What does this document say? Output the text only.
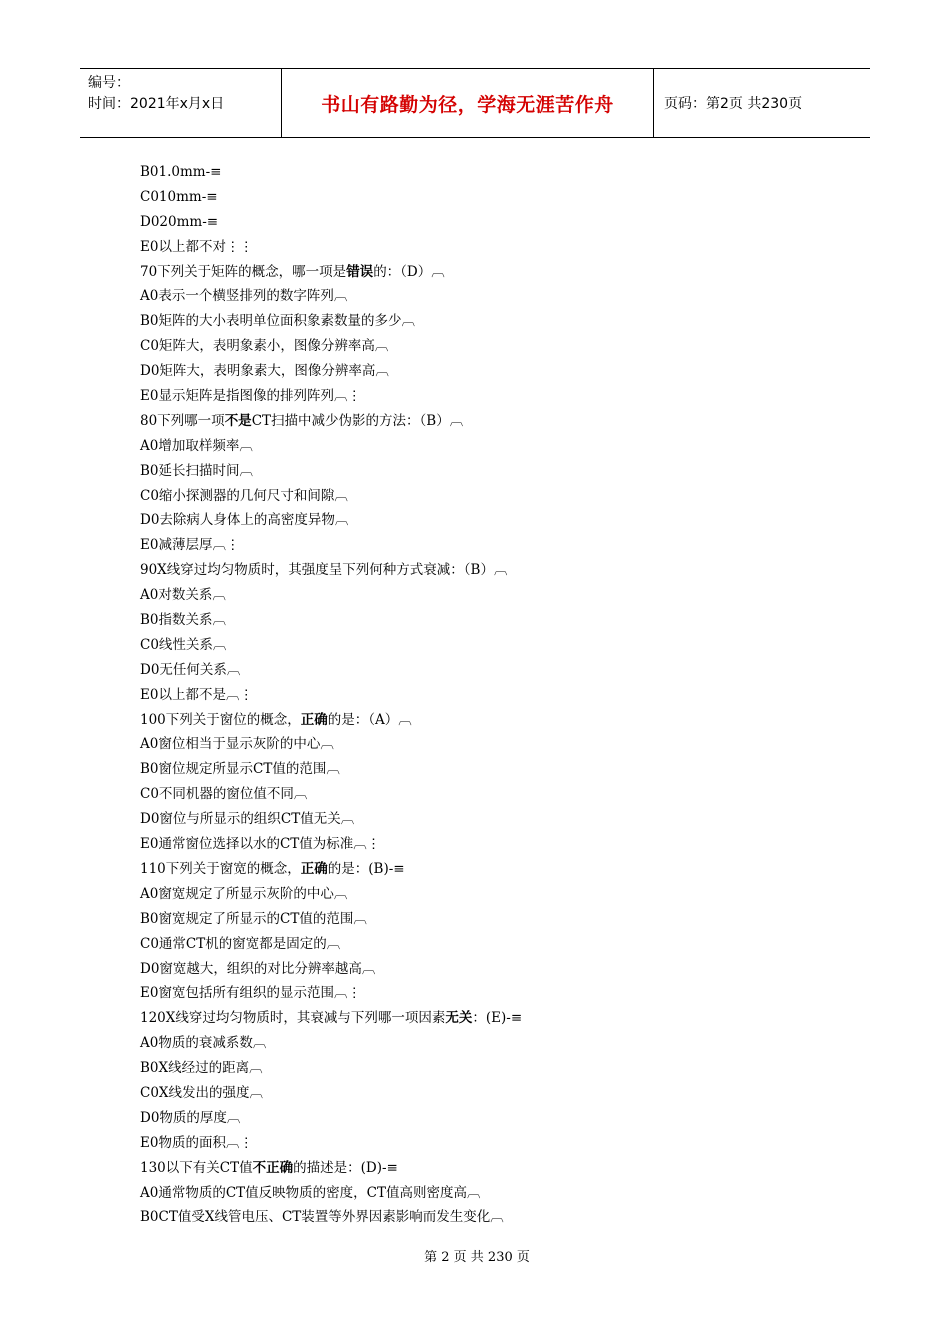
编号：
时间：2021年x月x日	书山有路勤为径，学海无涯苦作舟	页码：第2页 共230页
B01.0mm-≡
C010mm-≡
D020mm-≡
E0以上都不对⋮⋮
70下列关于矩阵的概念，哪一项是错误的：（D）︹
A0表示一个横竖排列的数字阵列︹
B0矩阵的大小表明单位面积象素数量的多少︹
C0矩阵大，表明象素小，图像分辨率高︹
D0矩阵大，表明象素大，图像分辨率高︹
E0显示矩阵是指图像的排列阵列︹⋮
80下列哪一项不是CT扫描中减少伪影的方法：（B）︹
A0增加取样频率︹
B0延长扫描时间︹
C0缩小探测器的几何尺寸和间隙︹
D0去除病人身体上的高密度异物︹
E0减薄层厚︹⋮
90X线穿过均匀物质时，其强度呈下列何种方式衰减：（B）︹
A0对数关系︹
B0指数关系︹
C0线性关系︹
D0无任何关系︹
E0以上都不是︹⋮
100下列关于窗位的概念，正确的是：（A）︹
A0窗位相当于显示灰阶的中心︹
B0窗位规定所显示CT值的范围︹
C0不同机器的窗位值不同︹
D0窗位与所显示的组织CT值无关︹
E0通常窗位选择以水的CT值为标准︹⋮
110下列关于窗宽的概念，正确的是：(B)-≡
A0窗宽规定了所显示灰阶的中心︹
B0窗宽规定了所显示的CT值的范围︹
C0通常CT机的窗宽都是固定的︹
D0窗宽越大，组织的对比分辨率越高︹
E0窗宽包括所有组织的显示范围︹⋮
120X线穿过均匀物质时，其衰减与下列哪一项因素无关：(E)-≡
A0物质的衰减系数︹
B0X线经过的距离︹
C0X线发出的强度︹
D0物质的厚度︹
E0物质的面积︹⋮
130以下有关CT值不正确的描述是：(D)-≡
A0通常物质的CT值反映物质的密度，CT值高则密度高︹
B0CT值受X线管电压、CT装置等外界因素影响而发生变化︹
第 2 页 共 230 页
